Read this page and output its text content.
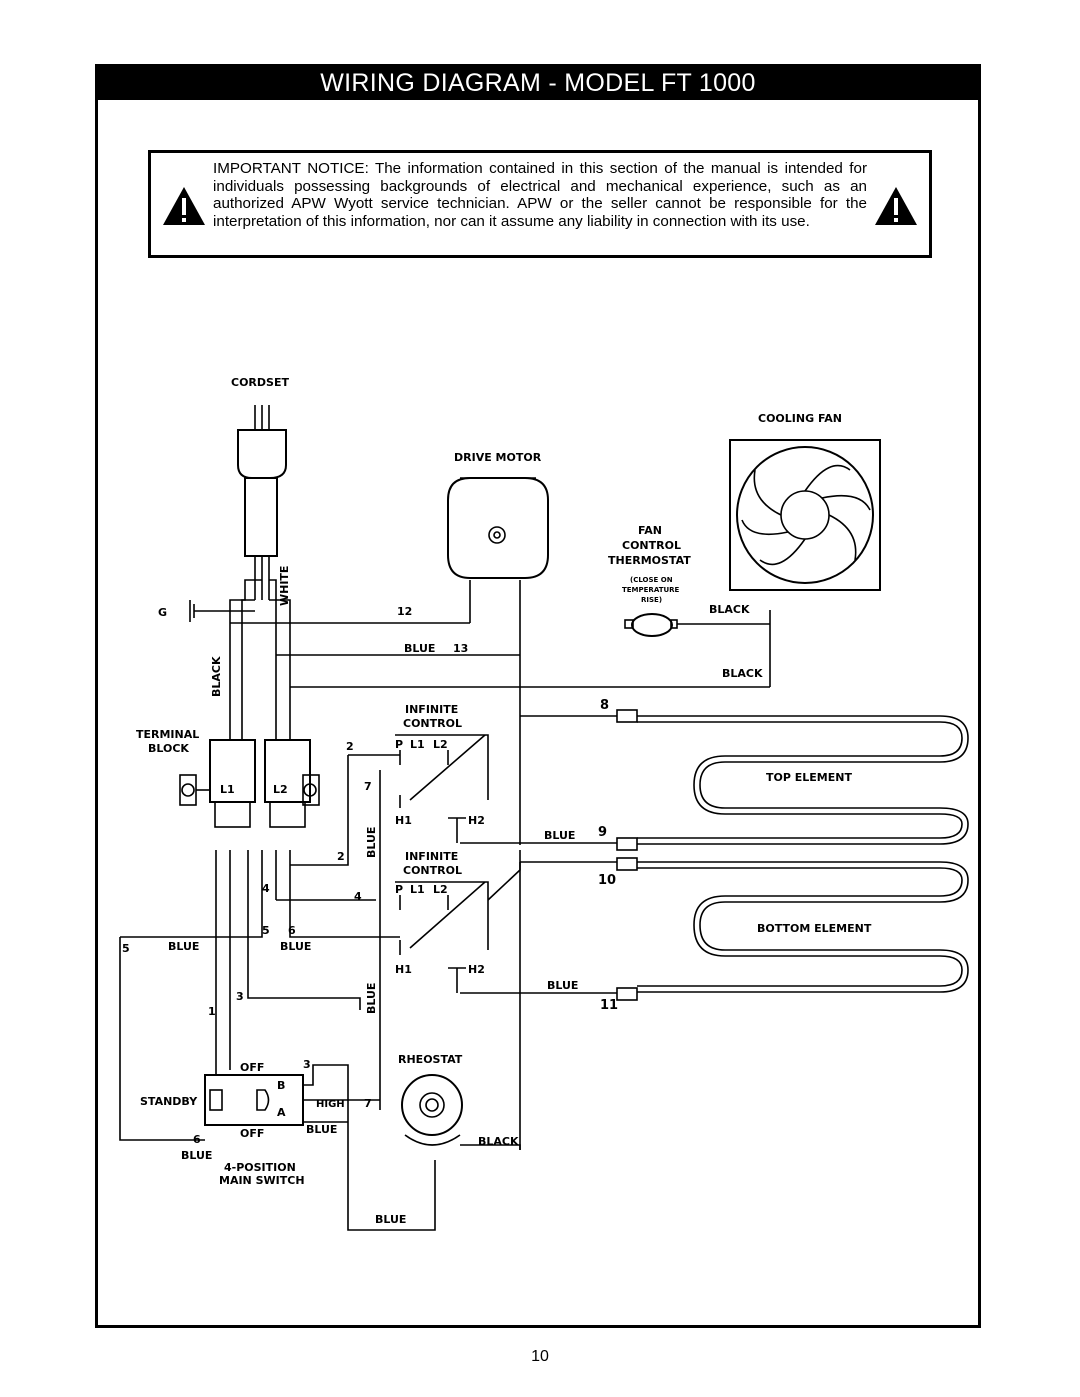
WIRING DIAGRAM - MODEL FT 1000
IMPORTANT NOTICE: The information contained in this section of the manual is intended for individuals possessing backgrounds of electrical and mechanical experience, such as an authorized APW Wyott service technician. APW or the seller cannot be responsible for the interpretation of this information, nor can it assume any liability in connection with its use.
CORDSET
WHITE
BLACK
G
TERMINAL
BLOCK
L1	L2
DRIVE MOTOR
COOLING FAN
FAN
CONTROL
THERMOSTAT
(CLOSE ON
TEMPERATURE
RISE)
BLACK
BLACK
12
BLUE 13
INFINITE
CONTROL
P L1 L2
H1	H2
8
TOP ELEMENT
2
7
BLUE	BLUE 9
10
2	INFINITE
CONTROL
P L1 L2
H1	H2
4
4
BOTTOM ELEMENT
5	BLUE
5 6
BLUE
BLUE	BLUE
11
3
1
OFF	3	RHEOSTAT
STANDBY
B
A
HIGH 7
6	OFF	BLUE
BLACK
BLUE
4-POSITION
MAIN SWITCH
BLUE
10
